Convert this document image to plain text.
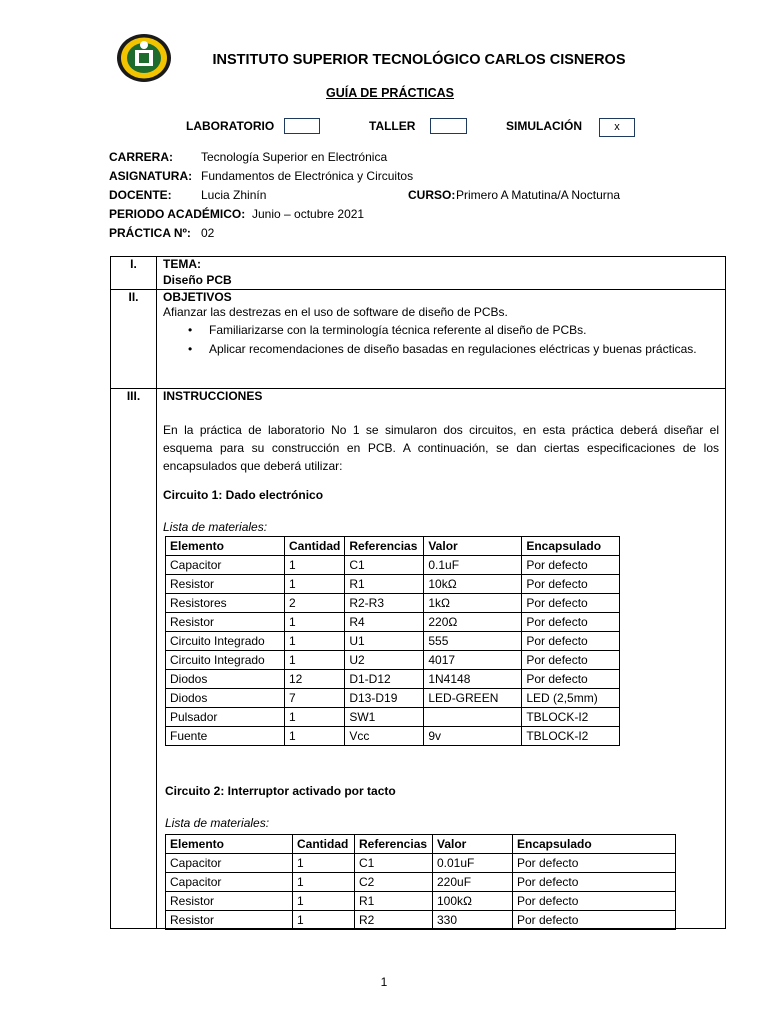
INSTITUTO SUPERIOR TECNOLÓGICO CARLOS CISNEROS
GUÍA DE PRÁCTICAS
LABORATORIO	TALLER	SIMULACIÓN	x
CARRERA: Tecnología Superior en Electrónica
ASIGNATURA: Fundamentos de Electrónica y Circuitos
DOCENTE: Lucia Zhinín	CURSO: Primero A Matutina/A Nocturna
PERIODO ACADÉMICO: Junio – octubre 2021
PRÁCTICA Nº: 02
I.	TEMA:
Diseño PCB
II.	OBJETIVOS
Afianzar las destrezas en el uso de software de diseño de PCBs.
• Familiarizarse con la terminología técnica referente al diseño de PCBs.
• Aplicar recomendaciones de diseño basadas en regulaciones eléctricas y buenas prácticas.
III.	INSTRUCCIONES
En la práctica de laboratorio No 1 se simularon dos circuitos, en esta práctica deberá diseñar el esquema para su construcción en PCB. A continuación, se dan ciertas especificaciones de los encapsulados que deberá utilizar:
Circuito 1: Dado electrónico
Lista de materiales:
Elemento	Cantidad	Referencias	Valor	Encapsulado
Capacitor	1	C1	0.1uF	Por defecto
Resistor	1	R1	10kΩ	Por defecto
Resistores	2	R2-R3	1kΩ	Por defecto
Resistor	1	R4	220Ω	Por defecto
Circuito Integrado	1	U1	555	Por defecto
Circuito Integrado	1	U2	4017	Por defecto
Diodos	12	D1-D12	1N4148	Por defecto
Diodos	7	D13-D19	LED-GREEN	LED (2,5mm)
Pulsador	1	SW1		TBLOCK-I2
Fuente	1	Vcc	9v	TBLOCK-I2
Circuito 2: Interruptor activado por tacto
Lista de materiales:
Elemento	Cantidad	Referencias	Valor	Encapsulado
Capacitor	1	C1	0.01uF	Por defecto
Capacitor	1	C2	220uF	Por defecto
Resistor	1	R1	100kΩ	Por defecto
Resistor	1	R2	330	Por defecto
1
